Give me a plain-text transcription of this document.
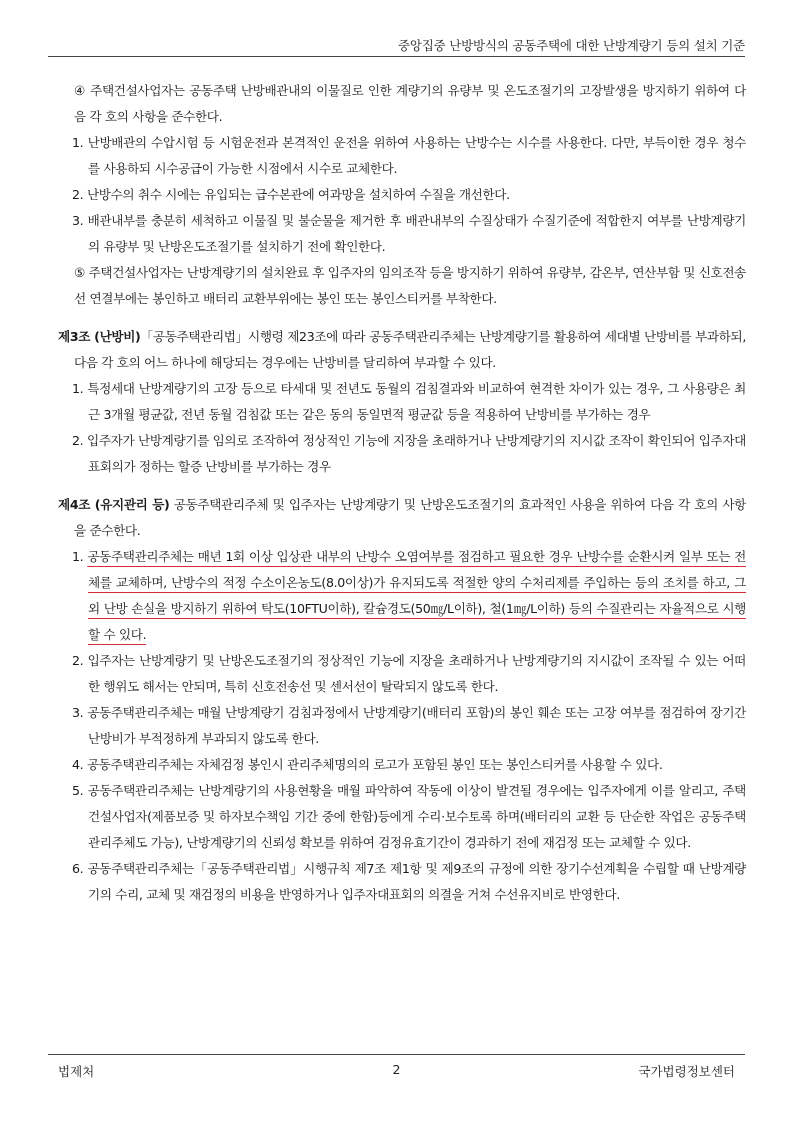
중앙집중 난방방식의 공동주택에 대한 난방계량기 등의 설치 기준

④ 주택건설사업자는 공동주택 난방배관내의 이물질로 인한 계량기의 유량부 및 온도조절기의 고장발생을 방지하기 위하여 다음 각 호의 사항을 준수한다.

1. 난방배관의 수압시험 등 시험운전과 본격적인 운전을 위하여 사용하는 난방수는 시수를 사용한다. 다만, 부득이한 경우 청수를 사용하되 시수공급이 가능한 시점에서 시수로 교체한다.

2. 난방수의 취수 시에는 유입되는 급수본관에 여과망을 설치하여 수질을 개선한다.

3. 배관내부를 충분히 세척하고 이물질 및 불순물을 제거한 후 배관내부의 수질상태가 수질기준에 적합한지 여부를 난방계량기의 유량부 및 난방온도조절기를 설치하기 전에 확인한다.

⑤ 주택건설사업자는 난방계량기의 설치완료 후 입주자의 임의조작 등을 방지하기 위하여 유량부, 감온부, 연산부함 및 신호전송선 연결부에는 봉인하고 배터리 교환부위에는 봉인 또는 봉인스티커를 부착한다.

제3조 (난방비)「공동주택관리법」시행령 제23조에 따라 공동주택관리주체는 난방계량기를 활용하여 세대별 난방비를 부과하되, 다음 각 호의 어느 하나에 해당되는 경우에는 난방비를 달리하여 부과할 수 있다.

1. 특정세대 난방계량기의 고장 등으로 타세대 및 전년도 동월의 검침결과와 비교하여 현격한 차이가 있는 경우, 그 사용량은 최근 3개월 평균값, 전년 동월 검침값 또는 같은 동의 동일면적 평균값 등을 적용하여 난방비를 부가하는 경우

2. 입주자가 난방계량기를 임의로 조작하여 정상적인 기능에 지장을 초래하거나 난방계량기의 지시값 조작이 확인되어 입주자대표회의가 정하는 할증 난방비를 부가하는 경우

제4조 (유지관리 등) 공동주택관리주체 및 입주자는 난방계량기 및 난방온도조절기의 효과적인 사용을 위하여 다음 각 호의 사항을 준수한다.

1. 공동주택관리주체는 매년 1회 이상 입상관 내부의 난방수 오염여부를 점검하고 필요한 경우 난방수를 순환시켜 일부 또는 전체를 교체하며, 난방수의 적정 수소이온농도(8.0이상)가 유지되도록 적절한 양의 수처리제를 주입하는 등의 조치를 하고, 그 외 난방 손실을 방지하기 위하여 탁도(10FTU이하), 칼슘경도(50㎎/L이하), 철(1㎎/L이하) 등의 수질관리는 자율적으로 시행할 수 있다.

2. 입주자는 난방계량기 및 난방온도조절기의 정상적인 기능에 지장을 초래하거나 난방계량기의 지시값이 조작될 수 있는 어떠한 행위도 해서는 안되며, 특히 신호전송선 및 센서선이 탈락되지 않도록 한다.

3. 공동주택관리주체는 매월 난방계량기 검침과정에서 난방계량기(배터리 포함)의 봉인 훼손 또는 고장 여부를 점검하여 장기간 난방비가 부적정하게 부과되지 않도록 한다.

4. 공동주택관리주체는 자체검정 봉인시 관리주체명의의 로고가 포함된 봉인 또는 봉인스티커를 사용할 수 있다.

5. 공동주택관리주체는 난방계량기의 사용현황을 매월 파악하여 작동에 이상이 발견될 경우에는 입주자에게 이를 알리고, 주택건설사업자(제품보증 및 하자보수책임 기간 중에 한함)등에게 수리·보수토록 하며(배터리의 교환 등 단순한 작업은 공동주택관리주체도 가능), 난방계량기의 신뢰성 확보를 위하여 검정유효기간이 경과하기 전에 재검정 또는 교체할 수 있다.

6. 공동주택관리주체는「공동주택관리법」시행규칙 제7조 제1항 및 제9조의 규정에 의한 장기수선계획을 수립할 때 난방계량기의 수리, 교체 및 재검정의 비용을 반영하거나 입주자대표회의 의결을 거쳐 수선유지비로 반영한다.

법제처	2	국가법령정보센터
